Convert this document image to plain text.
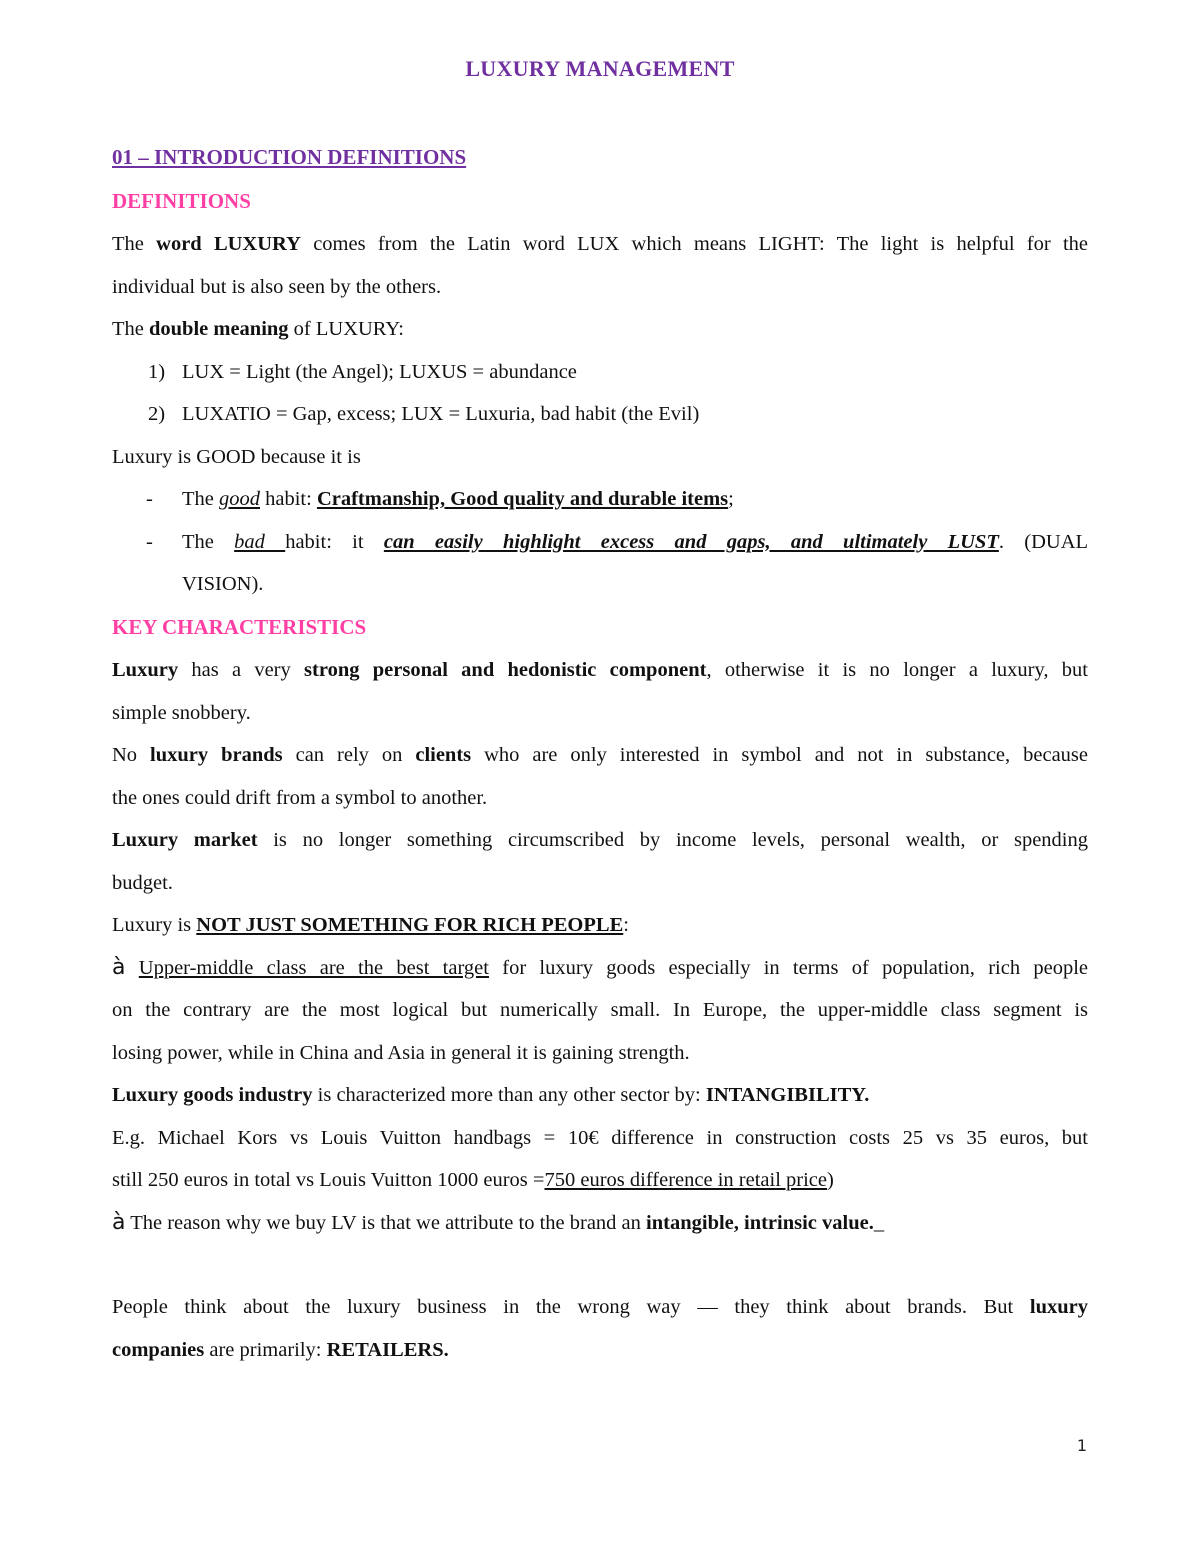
LUXURY MANAGEMENT

01 – INTRODUCTION DEFINITIONS

DEFINITIONS

The word LUXURY comes from the Latin word LUX which means LIGHT: The light is helpful for the

individual but is also seen by the others.

The double meaning of LUXURY:

1) LUX = Light (the Angel); LUXUS = abundance

2) LUXATIO = Gap, excess; LUX = Luxuria, bad habit (the Evil)

Luxury is GOOD because it is

- The good habit: Craftmanship, Good quality and durable items;

- The bad habit: it can easily highlight excess and gaps, and ultimately LUST. (DUAL

VISION).

KEY CHARACTERISTICS

Luxury has a very strong personal and hedonistic component, otherwise it is no longer a luxury, but

simple snobbery.

No luxury brands can rely on clients who are only interested in symbol and not in substance, because

the ones could drift from a symbol to another.

Luxury market is no longer something circumscribed by income levels, personal wealth, or spending

budget.

Luxury is NOT JUST SOMETHING FOR RICH PEOPLE:

à Upper-middle class are the best target for luxury goods especially in terms of population, rich people

on the contrary are the most logical but numerically small. In Europe, the upper-middle class segment is

losing power, while in China and Asia in general it is gaining strength.

Luxury goods industry is characterized more than any other sector by: INTANGIBILITY.

E.g. Michael Kors vs Louis Vuitton handbags = 10€ difference in construction costs 25 vs 35 euros, but

still 250 euros in total vs Louis Vuitton 1000 euros =750 euros difference in retail price)

à The reason why we buy LV is that we attribute to the brand an intangible, intrinsic value._

People think about the luxury business in the wrong way — they think about brands. But luxury

companies are primarily: RETAILERS.

1
